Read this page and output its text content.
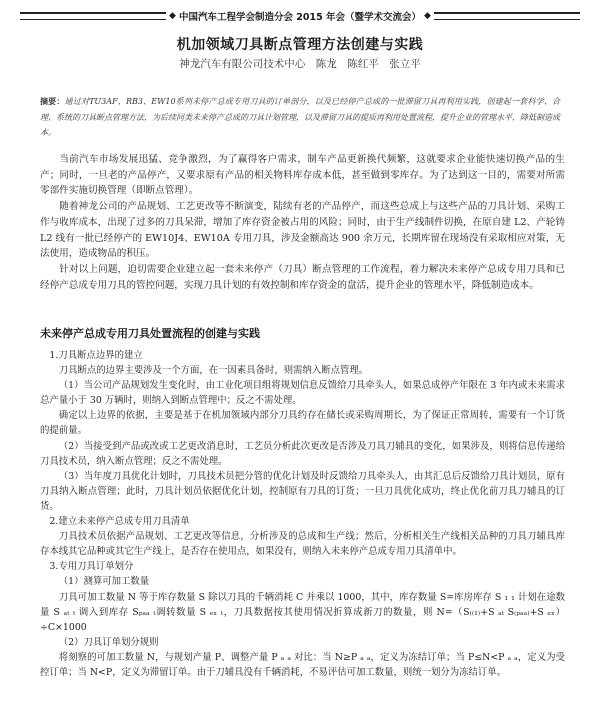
◆ 中国汽车工程学会制造分会 2015 年会（暨学术交流会） ◆
机加领域刀具断点管理方法创建与实践
神龙汽车有限公司技术中心　陈龙　陈红平　张立平
摘要：通过对TU3AF、RB3、EW10系列未停产总成专用刀具的订单剖分，以及已经停产总成的一批滞留刀具再利用实践，创建起一套科学、合理、系统的刀具断点管理方法，为后续同类未来停产总成的刀具计划管理，以及滞留刀具的提质再利用处置流程，提升企业的管理水平，降低制造成本。

当前汽车市场发展迅猛、竞争激烈，为了赢得客户需求，制车产品更新换代频繁，这就要求企业能快速切换产品的生产；同时，一旦老的产品停产，又要求原有产品的相关物料库存成本低，甚至做到零库存。为了达到这一目的，需要对所需零部件实施切换管理（即断点管理）。

随着神龙公司的产品规划、工艺更改等不断演变，陆续有老的产品停产，而这些总成上与这些产品的刀具计划、采购工作与收库成本，出现了过多的刀具呆滞，增加了库存资金被占用的风险；同时，由于生产线制件切换，在原自建 L2、产轮铸 L2 线有一批已经停产的 EW10J4、EW10A 专用刀具，涉及金额高达 900 余万元，长期库留在现场没有采取相应对策，无法使用，造成物品的积压。

针对以上问题，迫切需要企业建立起一套未来停产（刀具）断点管理的工作流程，着力解决未来停产总成专用刀具和已经停产总成专用刀具的管控问题，实现刀具计划的有效控制和库存资金的盘活，提升企业的管理水平，降低制造成本。

未来停产总成专用刀具处置流程的创建与实践

1.刀具断点边界的建立

刀具断点的边界主要涉及一个方面，在一因素具备时，则需纳入断点管理。

（1）当公司产品规划发生变化时，由工业化项目组将规划信息反馈给刀具牵头人，如果总成停产年限在 3 年内或未来需求总产量小于 30 万辆时，则纳入到断点管理中；反之不需处理。

确定以上边界的依据，主要是基于在机加领域内部分刀具约存在储长或采购周期长，为了保证正常周转，需要有一个订货的提前量。

（2）当接受到产品或改或工艺更改消息时，工艺员分析此次更改是否涉及刀具刀辅具的变化，如果涉及，则将信息传递给刀具技术员，纳入断点管理；反之不需处理。

（3）当年度刀具优化计划时，刀具技术员把分管的优化计划及时反馈给刀具牵头人，由其汇总后反馈给刀具计划员，原有刀具纳入断点管理；此时，刀具计划员依据优化计划，控制原有刀具的订货；一旦刀具优化成功，终止优化前刀具刀辅具的订货。

2.建立未来停产总成专用刀具清单

刀具技术员依据产品规划、工艺更改等信息，分析涉及的总成和生产线；然后，分析相关生产线相关品种的刀具刀辅具库存本线其它品种或其它生产线上，是否存在使用点，如果没有，则纳入未来停产总成专用刀具清单中。

3.专用刀具订单划分

（1）测算可加工数量

刀具可加工数量 N 等于库存数量 S 除以刀具的千辆消耗 C 并乘以 1000，其中，库存数量 S=库房库存 S ₁ ₁ 计划在途数量 S ₐₜ ₜ 调入到库存 Sₚₐₐ ₜ调转数量 S ₑₓ ₜ，刀具数据按其使用情况折算成新刀的数量，则 N=（S₍₍₁₎+S ₐₜ S₍ₚₐₐ₎+S ₑₓ）÷C×1000

（2）刀具订单划分规则

将刻察的可加工数量 N，与规划产量 P、调整产量 P ₐ ₐ 对比：当 N≥P ₐ ₐ，定义为冻结订单；当 P≤N<P ₐ ₐ，定义为受控订单；当 N<P，定义为滞留订单。由于刀辅具没有千辆消耗，不易评估可加工数量，则统一划分为冻结订单。
